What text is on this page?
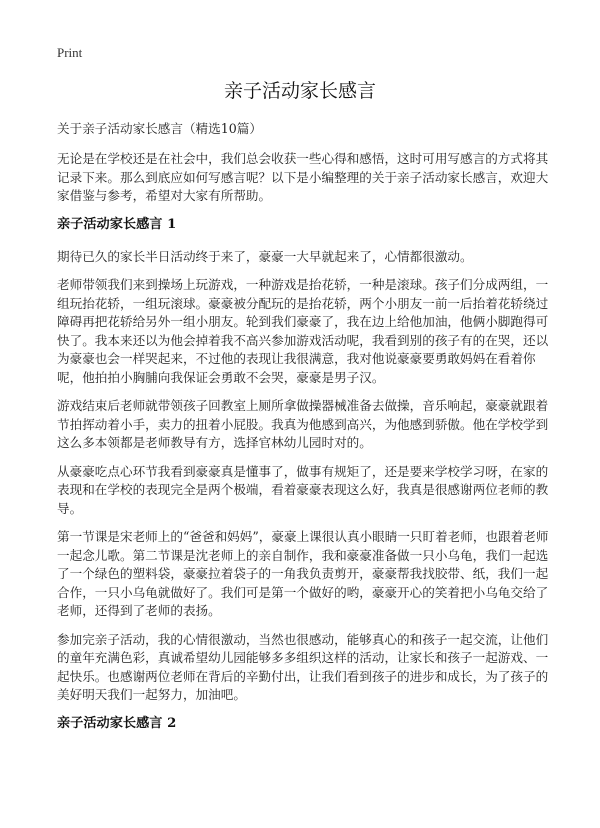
Print
亲子活动家长感言

关于亲子活动家长感言（精选10篇）

无论是在学校还是在社会中，我们总会收获一些心得和感悟，这时可用写感言的方式将其记录下来。那么到底应如何写感言呢？以下是小编整理的关于亲子活动家长感言，欢迎大家借鉴与参考，希望对大家有所帮助。

亲子活动家长感言 1

期待已久的家长半日活动终于来了，豪豪一大早就起来了，心情都很激动。

老师带领我们来到操场上玩游戏，一种游戏是抬花轿，一种是滚球。孩子们分成两组，一组玩抬花轿，一组玩滚球。豪豪被分配玩的是抬花轿，两个小朋友一前一后抬着花轿绕过障碍再把花轿给另外一组小朋友。轮到我们豪豪了，我在边上给他加油，他俩小脚跑得可快了。我本来还以为他会掉着我不高兴参加游戏活动呢，我看到别的孩子有的在哭，还以为豪豪也会一样哭起来，不过他的表现让我很满意，我对他说豪豪要勇敢妈妈在看着你呢，他拍拍小胸脯向我保证会勇敢不会哭，豪豪是男子汉。

游戏结束后老师就带领孩子回教室上厕所拿做操器械准备去做操，音乐响起，豪豪就跟着节拍挥动着小手，卖力的扭着小屁股。我真为他感到高兴，为他感到骄傲。他在学校学到这么多本领都是老师教导有方，选择官林幼儿园时对的。

从豪豪吃点心环节我看到豪豪真是懂事了，做事有规矩了，还是要来学校学习呀，在家的表现和在学校的表现完全是两个极端，看着豪豪表现这么好，我真是很感谢两位老师的教导。

第一节课是宋老师上的“爸爸和妈妈”，豪豪上课很认真小眼睛一只盯着老师，也跟着老师一起念儿歌。第二节课是沈老师上的亲自制作，我和豪豪准备做一只小乌龟，我们一起选了一个绿色的塑料袋，豪豪拉着袋子的一角我负责剪开，豪豪帮我找胶带、纸，我们一起合作，一只小乌龟就做好了。我们可是第一个做好的哟，豪豪开心的笑着把小乌龟交给了老师，还得到了老师的表扬。

参加完亲子活动，我的心情很激动，当然也很感动，能够真心的和孩子一起交流，让他们的童年充满色彩，真诚希望幼儿园能够多多组织这样的活动，让家长和孩子一起游戏、一起快乐。也感谢两位老师在背后的辛勤付出，让我们看到孩子的进步和成长，为了孩子的美好明天我们一起努力，加油吧。

亲子活动家长感言 2
